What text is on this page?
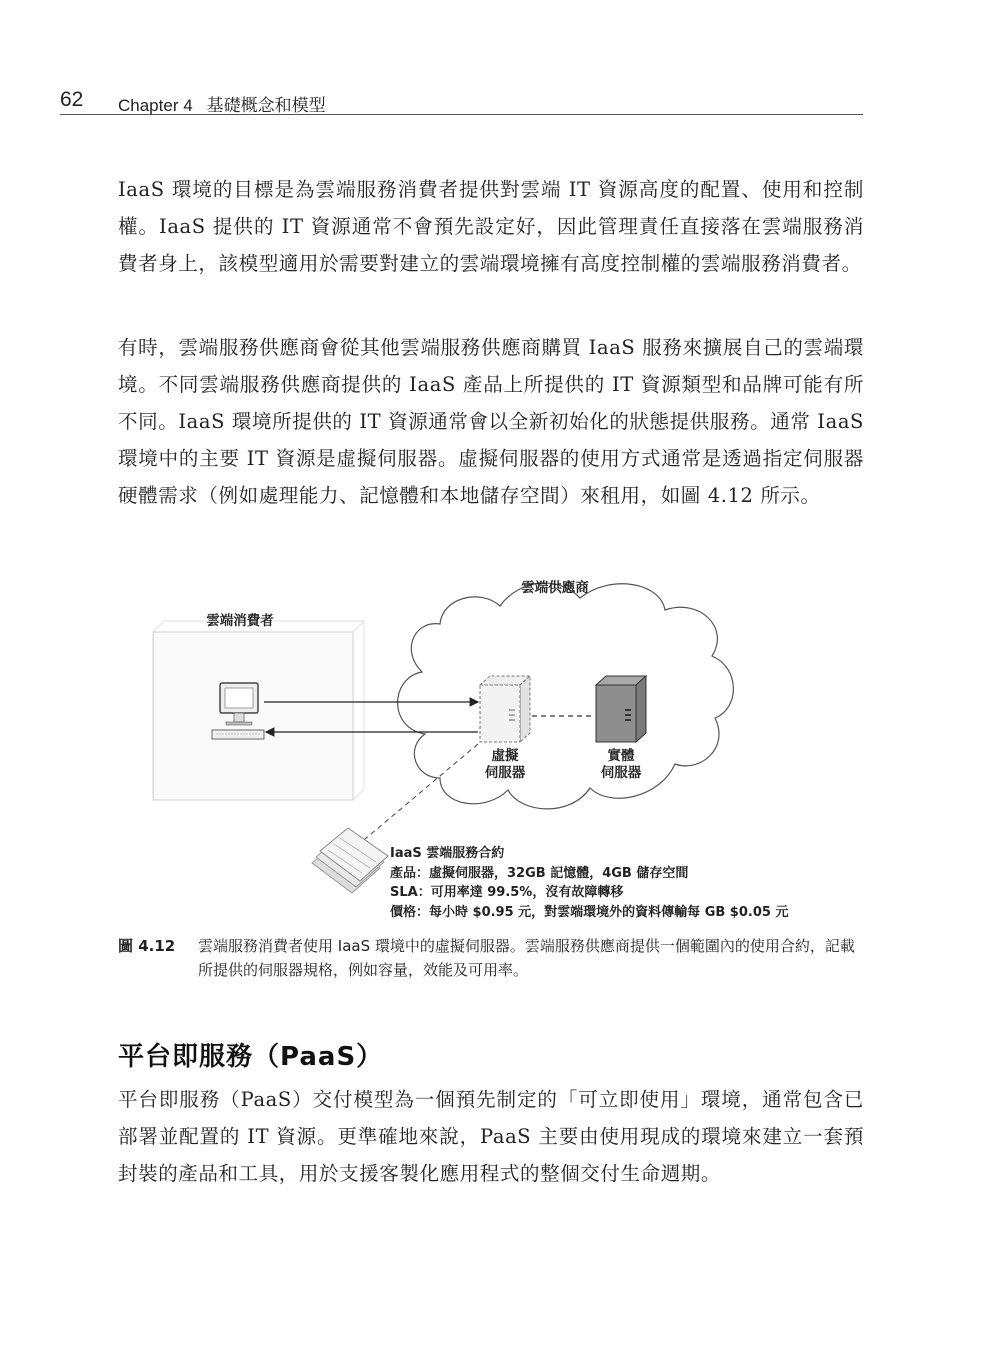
62 Chapter 4 基礎概念和模型

IaaS 環境的目標是為雲端服務消費者提供對雲端 IT 資源高度的配置、使用和控制權。IaaS 提供的 IT 資源通常不會預先設定好，因此管理責任直接落在雲端服務消費者身上，該模型適用於需要對建立的雲端環境擁有高度控制權的雲端服務消費者。

有時，雲端服務供應商會從其他雲端服務供應商購買 IaaS 服務來擴展自己的雲端環境。不同雲端服務供應商提供的 IaaS 產品上所提供的 IT 資源類型和品牌可能有所不同。IaaS 環境所提供的 IT 資源通常會以全新初始化的狀態提供服務。通常 IaaS 環境中的主要 IT 資源是虛擬伺服器。虛擬伺服器的使用方式通常是透過指定伺服器硬體需求（例如處理能力、記憶體和本地儲存空間）來租用，如圖 4.12 所示。

雲端供應商
雲端消費者
虛擬
伺服器
實體
伺服器
IaaS 雲端服務合約
產品：虛擬伺服器，32GB 記憶體，4GB 儲存空間
SLA：可用率達 99.5%，沒有故障轉移
價格：每小時 $0.95 元，對雲端環境外的資料傳輸每 GB $0.05 元
圖 4.12 雲端服務消費者使用 IaaS 環境中的虛擬伺服器。雲端服務供應商提供一個範圍內的使用合約，記載所提供的伺服器規格，例如容量，效能及可用率。
平台即服務（PaaS）

平台即服務（PaaS）交付模型為一個預先制定的「可立即使用」環境，通常包含已部署並配置的 IT 資源。更準確地來說，PaaS 主要由使用現成的環境來建立一套預封裝的產品和工具，用於支援客製化應用程式的整個交付生命週期。
